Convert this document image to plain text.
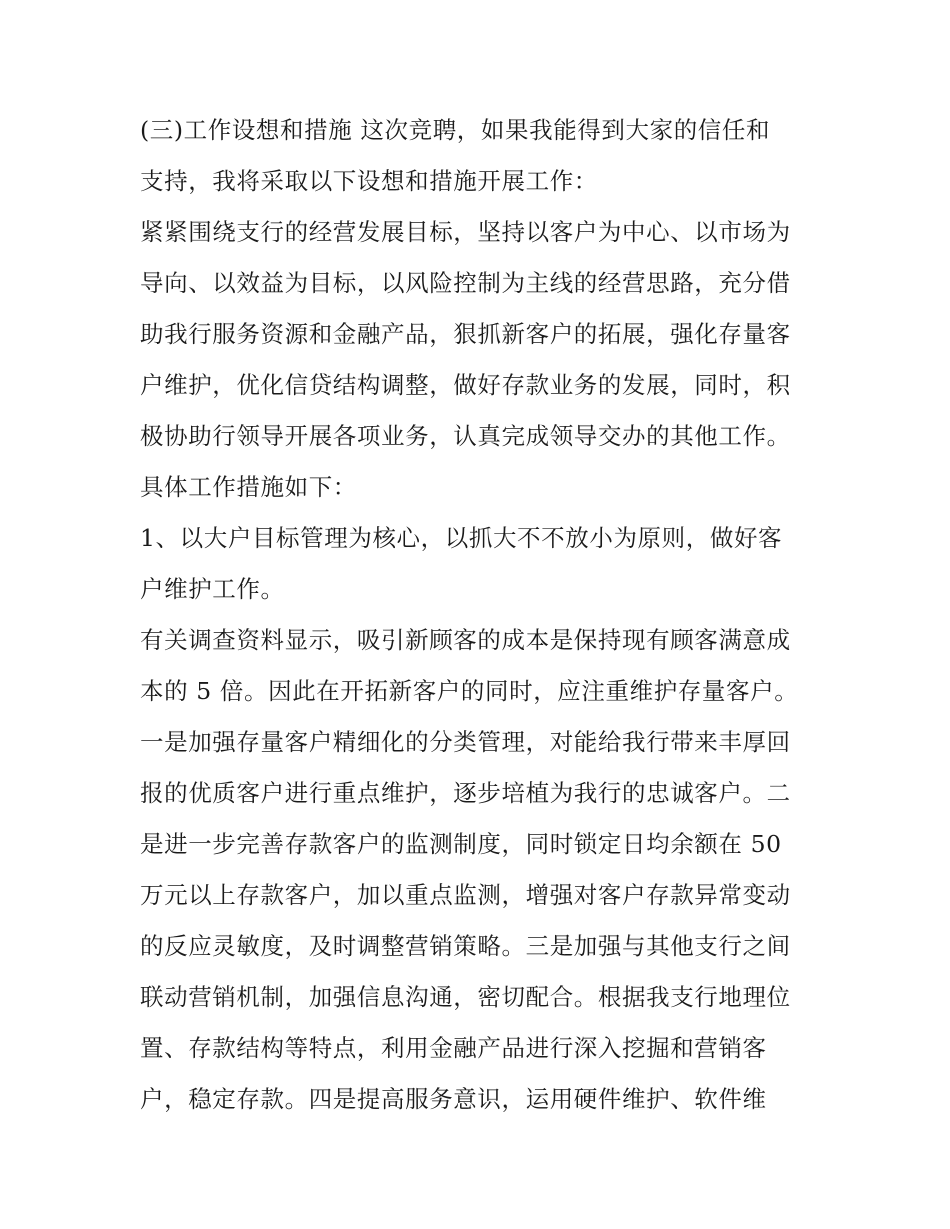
(三)工作设想和措施 这次竞聘，如果我能得到大家的信任和
支持，我将采取以下设想和措施开展工作：
紧紧围绕支行的经营发展目标，坚持以客户为中心、以市场为
导向、以效益为目标，以风险控制为主线的经营思路，充分借
助我行服务资源和金融产品，狠抓新客户的拓展，强化存量客
户维护，优化信贷结构调整，做好存款业务的发展，同时，积
极协助行领导开展各项业务，认真完成领导交办的其他工作。
具体工作措施如下：
1、以大户目标管理为核心，以抓大不不放小为原则，做好客
户维护工作。
有关调查资料显示，吸引新顾客的成本是保持现有顾客满意成
本的 5 倍。因此在开拓新客户的同时，应注重维护存量客户。
一是加强存量客户精细化的分类管理，对能给我行带来丰厚回
报的优质客户进行重点维护，逐步培植为我行的忠诚客户。二
是进一步完善存款客户的监测制度，同时锁定日均余额在 50
万元以上存款客户，加以重点监测，增强对客户存款异常变动
的反应灵敏度，及时调整营销策略。三是加强与其他支行之间
联动营销机制，加强信息沟通，密切配合。根据我支行地理位
置、存款结构等特点，利用金融产品进行深入挖掘和营销客
户，稳定存款。四是提高服务意识，运用硬件维护、软件维
